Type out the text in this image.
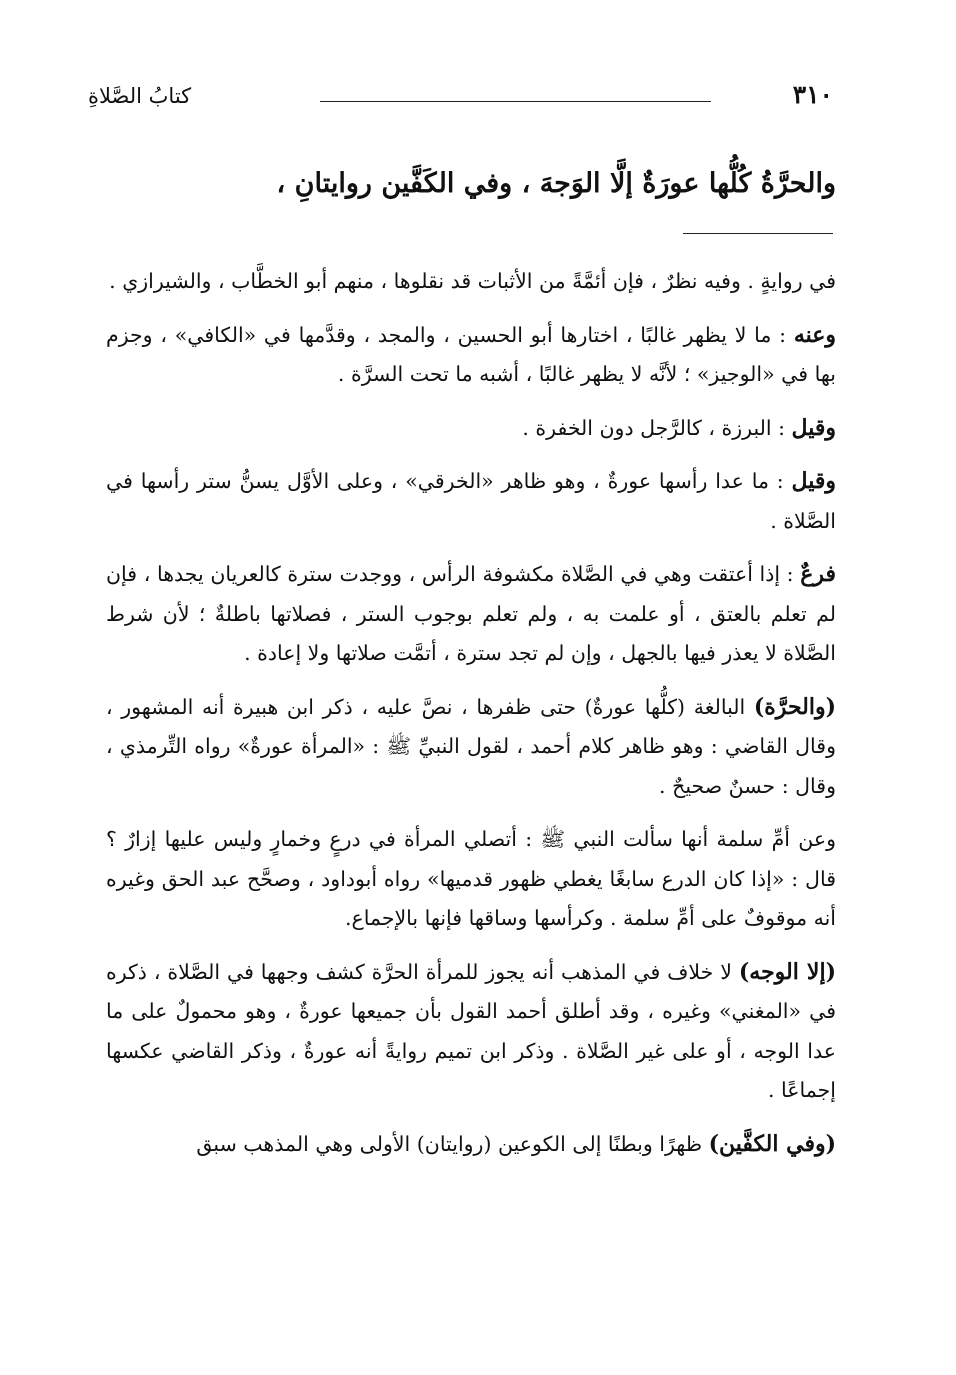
٣١٠
كتابُ الصَّلاةِ
والحرَّةُ كُلُّها عورَةٌ إلَّا الوَجهَ ، وفي الكَفَّين روايتانِ ،

في روايةٍ . وفيه نظرٌ ، فإن أئمَّةً من الأثبات قد نقلوها ، منهم أبو الخطَّاب ، والشيرازي .

وعنه : ما لا يظهر غالبًا ، اختارها أبو الحسين ، والمجد ، وقدَّمها في «الكافي» ، وجزم بها في «الوجيز» ؛ لأنَّه لا يظهر غالبًا ، أشبه ما تحت السرَّة .

وقيل : البرزة ، كالرَّجل دون الخفرة .

وقيل : ما عدا رأسها عورةٌ ، وهو ظاهر «الخرقي» ، وعلى الأوَّل يسنُّ ستر رأسها في الصَّلاة .

فرعٌ : إذا أعتقت وهي في الصَّلاة مكشوفة الرأس ، ووجدت سترة كالعريان يجدها ، فإن لم تعلم بالعتق ، أو علمت به ، ولم تعلم بوجوب الستر ، فصلاتها باطلةٌ ؛ لأن شرط الصَّلاة لا يعذر فيها بالجهل ، وإن لم تجد سترة ، أتمَّت صلاتها ولا إعادة .

(والحرَّة) البالغة (كلُّها عورةٌ) حتى ظفرها ، نصَّ عليه ، ذكر ابن هبيرة أنه المشهور ، وقال القاضي : وهو ظاهر كلام أحمد ، لقول النبيِّ ﷺ : «المرأة عورةٌ» رواه التِّرمذي ، وقال : حسنٌ صحيحٌ .

وعن أمِّ سلمة أنها سألت النبي ﷺ : أتصلي المرأة في درعٍ وخمارٍ وليس عليها إزارٌ ؟ قال : «إذا كان الدرع سابغًا يغطي ظهور قدميها» رواه أبوداود ، وصحَّح عبد الحق وغيره أنه موقوفٌ على أمِّ سلمة . وكرأسها وساقها فإنها بالإجماع.

(إلا الوجه) لا خلاف في المذهب أنه يجوز للمرأة الحرَّة كشف وجهها في الصَّلاة ، ذكره في «المغني» وغيره ، وقد أطلق أحمد القول بأن جميعها عورةٌ ، وهو محمولٌ على ما عدا الوجه ، أو على غير الصَّلاة . وذكر ابن تميم روايةً أنه عورةٌ ، وذكر القاضي عكسها إجماعًا .

(وفي الكفَّين) ظهرًا وبطنًا إلى الكوعين (روايتان) الأولى وهي المذهب سبق
